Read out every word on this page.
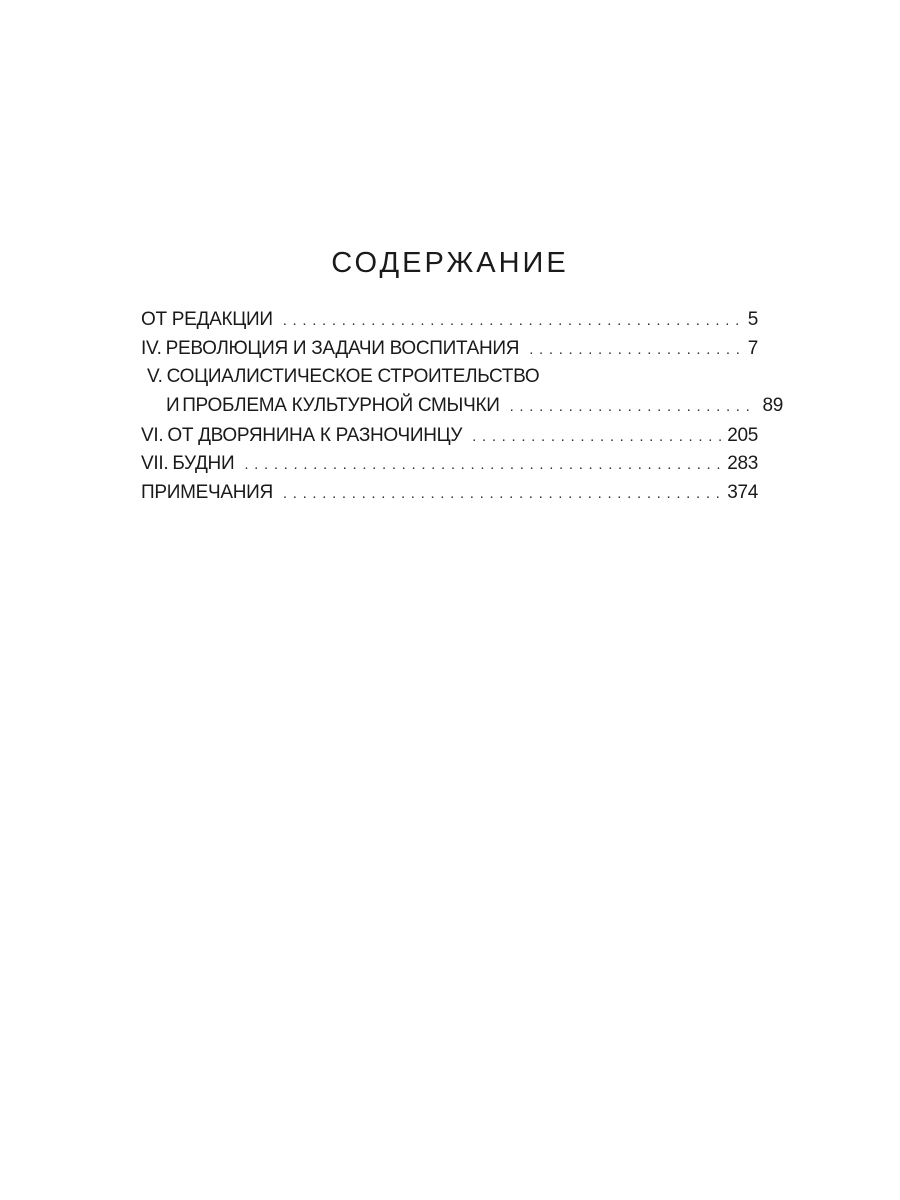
СОДЕРЖАНИЕ
ОТ РЕДАКЦИИ . . .	5
IV. РЕВОЛЮЦИЯ И ЗАДАЧИ ВОСПИТАНИЯ . . .	7
V. СОЦИАЛИСТИЧЕСКОЕ СТРОИТЕЛЬСТВО
И ПРОБЛЕМА КУЛЬТУРНОЙ СМЫЧКИ . . .	89
VI. ОТ ДВОРЯНИНА К РАЗНОЧИНЦУ . . .	205
VII. БУДНИ . . .	283
ПРИМЕЧАНИЯ . . .	374
